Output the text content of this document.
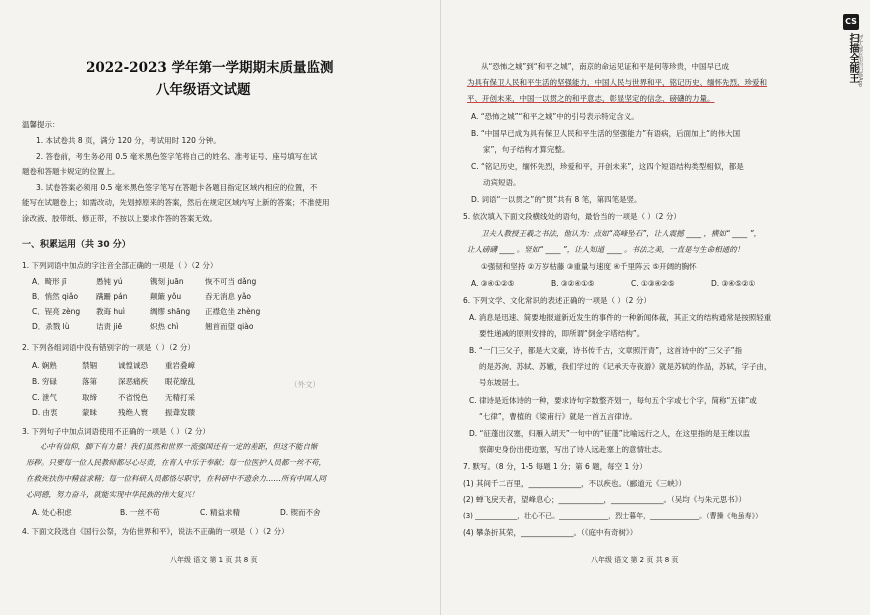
2022-2023 学年第一学期期末质量监测
八年级语文试题
温馨提示：
1. 本试卷共 8 页，满分 120 分，考试用时 120 分钟。
2. 答卷前，考生务必用 0.5 毫米黑色签字笔将自己的姓名、准考证号、座号填写在试
题卷和答题卡规定的位置上。
3. 试卷答案必须用 0.5 毫米黑色签字笔写在答题卡各题目指定区域内相应的位置，不
能写在试题卷上；如需改动，先划掉原来的答案，然后在规定区域内写上新的答案；不准使用
涂改液、胶带纸、修正带，不按以上要求作答的答案无效。
一、积累运用（共 30 分）
1. 下列词语中加点的字注音全部正确的一项是（ ）（2 分）
A．畸形 jī	愚钝 yú	镌刻 juān	恢不可当 dǎng
B．悄然 qiǎo 蹒跚 pán	颠簸 yǒu	吞无消息 yǎo
C．锃亮 zèng 教诲 huì	绸缪 shāng 正襟危坐 zhèng
D．杀戮 lù	诘责 jiē	炽热 chì	翘首而望 qiào
2. 下列各组词语中没有错别字的一项是（ ）（2 分）
A. 娴熟	禁锢	诚惶诚恐 重岩叠嶂
B. 穷碌	落第	深恶痛疾 眼花缭乱
C. 泄气	取缔	不省悦色 无精打采
D. 由衷	蒙昧	残绝人寰 振聋发聩
（外文）
3. 下列句子中加点词语使用不正确的一项是（ ）（2 分）
心中有信仰，脚下有力量！我们虽然和世界一流强国还有一定的差距，但这不能自惭
形秽。只要每一位人民教师都尽心尽责，在育人中乐于奉献；每一位医护人员都一丝不苟，
在救死扶伤中精益求精；每一位科研人员都恪尽职守，在科研中不遗余力……所有中国人同
心同德，努力奋斗，就能实现中华民族的伟大复兴！
A. 处心积虑	B. 一丝不苟	C. 精益求精	D. 锲而不舍
4. 下面文段选自《国行公祭，为佑世界和平》，说法不正确的一项是（ ）（2 分）
八年级 语文 第 1 页 共 8 页
从“恐怖之城”到“和平之城”，南京的命运见证和平是何等珍贵，中国早已成
为具有保卫人民和平生活的坚强能力，中国人民与世界和平，铭记历史、缅怀先烈、珍爱和
平、开创未来，中国一以贯之的和平意志，彰显坚定的信念、磅礴的力量。
A. “恐怖之城”“和平之城”中的引号表示特定含义。
B. “中国早已成为具有保卫人民和平生活的坚强能力”有语病，后面加上“的伟大国
家”，句子结构才算完整。
C. “铭记历史，缅怀先烈，珍爱和平，开创未来”，这四个短语结构类型相似，都是
动宾短语。
D. 词语“一以贯之”的“贯”共有 8 笔，第四笔是竖。
5. 依次填入下面文段横线处的语句，最恰当的一项是（ ）（2 分）
卫夫人教授王羲之书法，他认为：点如“高峰坠石”，让人震撼 ____ ，横如“ ____ ”，
让人磅礴 ____ 。竖如“ ____ ”，让人知道 ____ 。书法之美，一直是与生命相通的！
①强韧和坚持 ②万岁枯藤 ③重量与速度 ④千里阵云 ⑤开阔的胸怀
A. ③④①②⑤	B. ③②④①⑤	C. ①③④②⑤	D. ③④⑤②①
6. 下列文学、文化常识的表述正确的一项是（ ）（2 分）
A. 消息是迅速、简要地报道新近发生的事件的一种新闻体裁，其正文的结构通常是按照轻重
要性递减的原则安排的，即所谓“倒金字塔结构”。
B. “一门三父子，都是大文豪，诗书传千古，文章照汗青”，这首诗中的“三父子”指
的是苏洵、苏轼、苏辙，我们学过的《记承天寺夜游》就是苏轼的作品，苏轼，字子由，
号东坡居士。
C. 律诗是近体诗的一种，要求诗句字数整齐划一，每句五个字或七个字，简称“五律”或
“七律”，曹植的《梁甫行》就是一首五言律诗。
D. “征蓬出汉塞，归雁入胡天”一句中的“征蓬”比喻远行之人，在这里指的是王维以监
察御史身份出使边塞，写出了诗人远赴塞上的意情壮志。
7. 默写。（8 分，1-5 每题 1 分；第 6 题，每空 1 分）
(1) 其间千二百里，______________，不以疾也。（郦道元《三峡》）
(2) 蝉飞戾天者，望峰息心；____________，______________。（吴均《与朱元思书》）
(3) ____________，壮心不已。______________，烈士暮年，______________。（曹操《龟虽寿》）
(4) 攀条折其荣，______________。（《庭中有奇树》）
八年级 语文 第 2 页 共 8 页
CS
扫描全能王 3亿人都在用的扫描App
